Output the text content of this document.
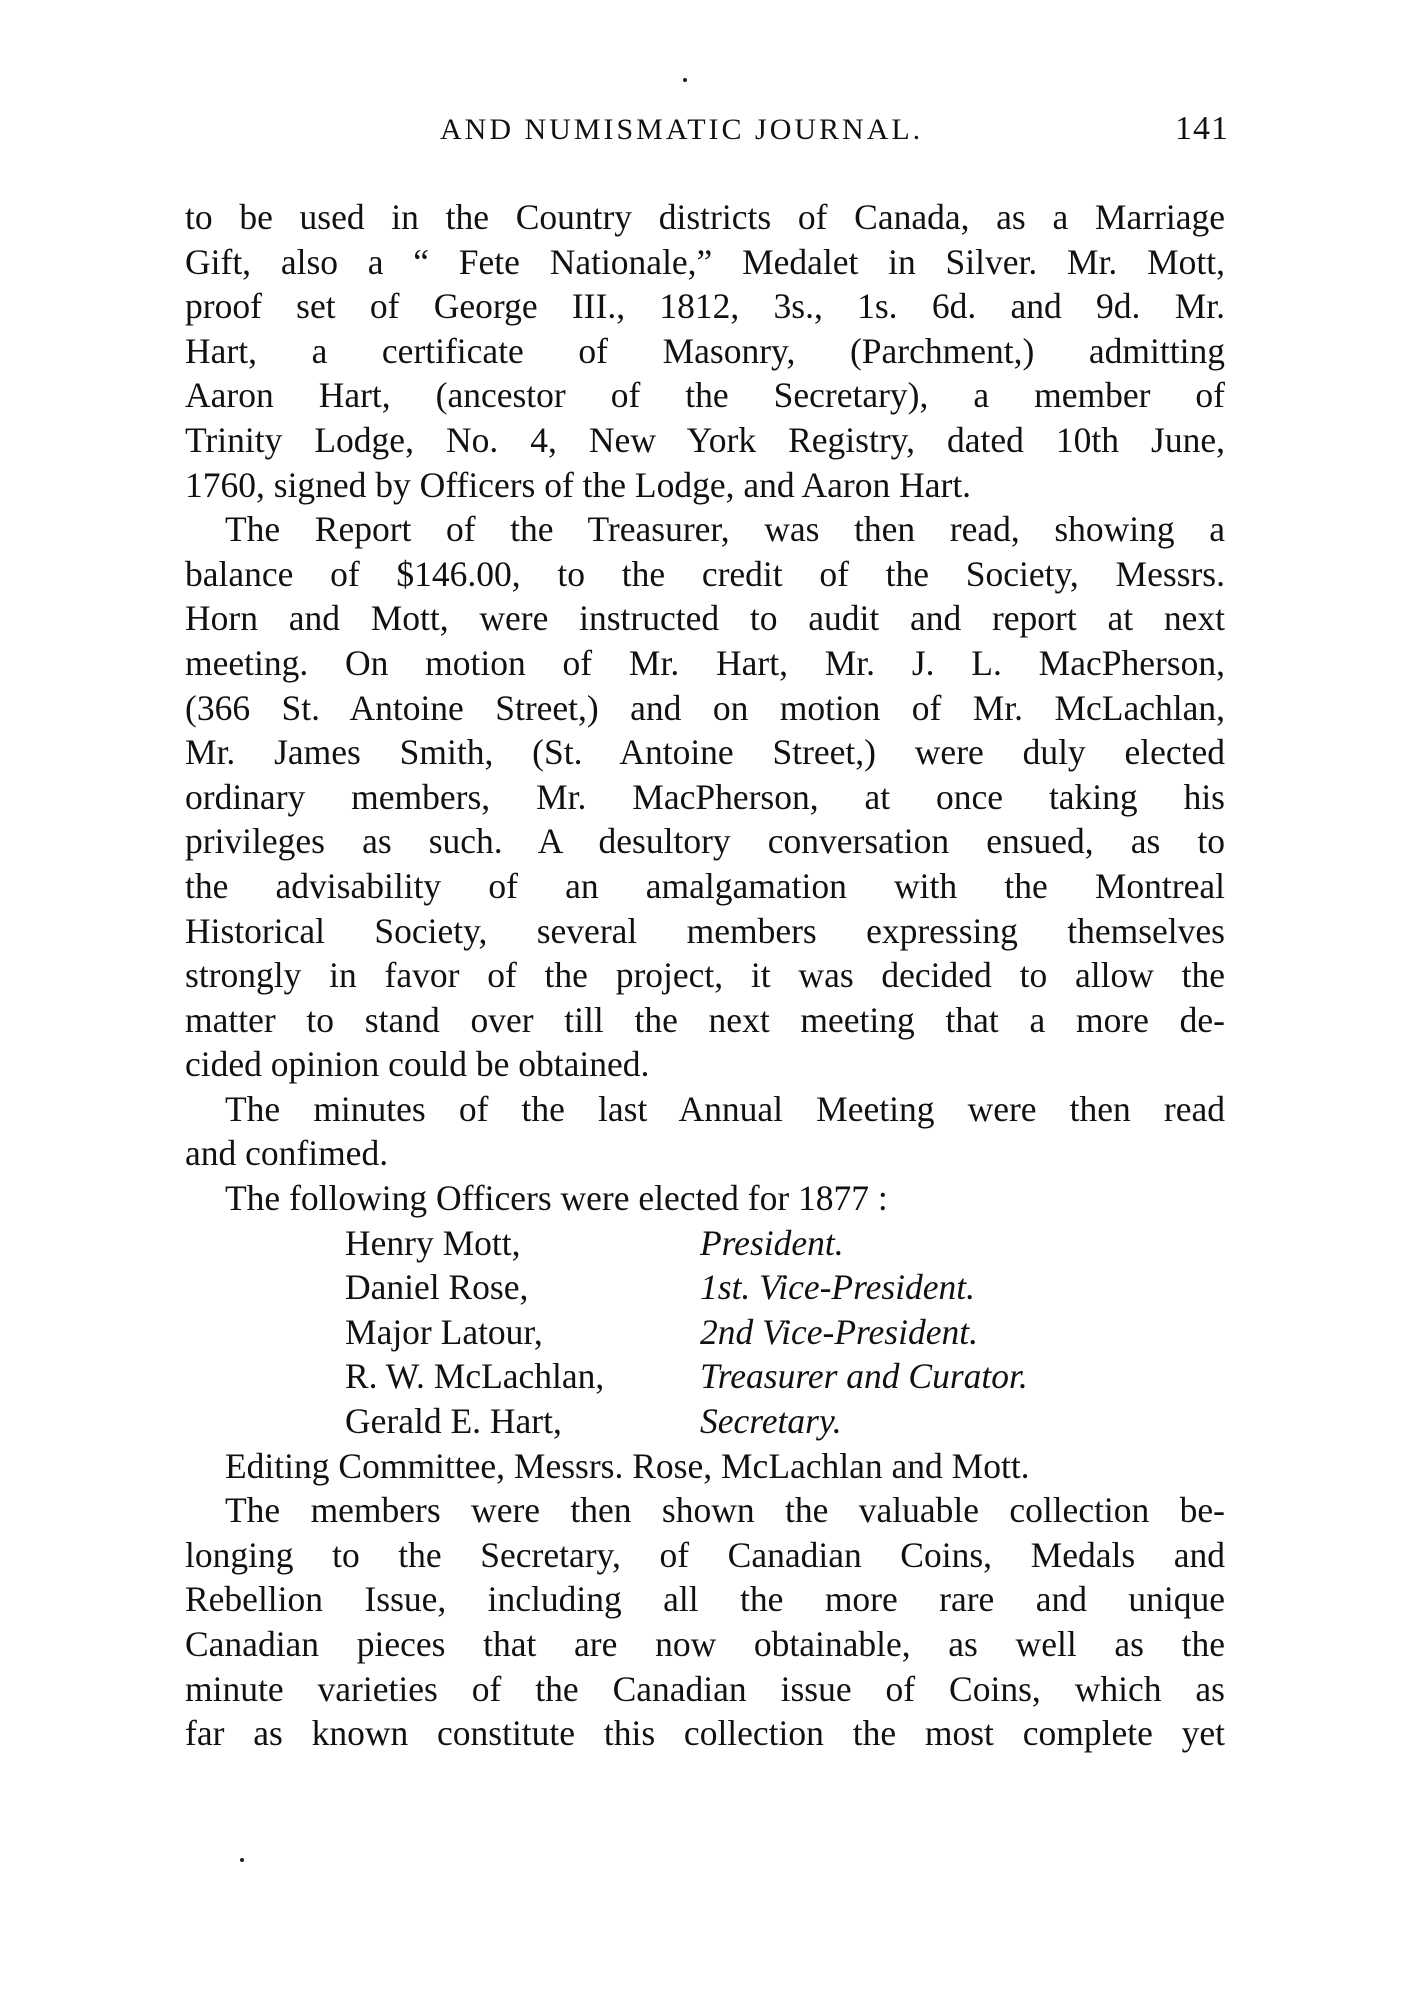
AND NUMISMATIC JOURNAL.	141
to be used in the Country districts of Canada, as a Marriage
Gift, also a “ Fete Nationale,” Medalet in Silver. Mr. Mott,
proof set of George III., 1812, 3s., 1s. 6d. and 9d. Mr.
Hart, a certificate of Masonry, (Parchment,) admitting
Aaron Hart, (ancestor of the Secretary), a member of
Trinity Lodge, No. 4, New York Registry, dated 10th June,
1760, signed by Officers of the Lodge, and Aaron Hart.
The Report of the Treasurer, was then read, showing a
balance of $146.00, to the credit of the Society, Messrs.
Horn and Mott, were instructed to audit and report at next
meeting. On motion of Mr. Hart, Mr. J. L. MacPherson,
(366 St. Antoine Street,) and on motion of Mr. McLachlan,
Mr. James Smith, (St. Antoine Street,) were duly elected
ordinary members, Mr. MacPherson, at once taking his
privileges as such. A desultory conversation ensued, as to
the advisability of an amalgamation with the Montreal
Historical Society, several members expressing themselves
strongly in favor of the project, it was decided to allow the
matter to stand over till the next meeting that a more de-
cided opinion could be obtained.
The minutes of the last Annual Meeting were then read
and confimed.
The following Officers were elected for 1877 :
Henry Mott,	President.
Daniel Rose,	1st. Vice-President.
Major Latour,	2nd Vice-President.
R. W. McLachlan,	Treasurer and Curator.
Gerald E. Hart,	Secretary.
Editing Committee, Messrs. Rose, McLachlan and Mott.
The members were then shown the valuable collection be-
longing to the Secretary, of Canadian Coins, Medals and
Rebellion Issue, including all the more rare and unique
Canadian pieces that are now obtainable, as well as the
minute varieties of the Canadian issue of Coins, which as
far as known constitute this collection the most complete yet
